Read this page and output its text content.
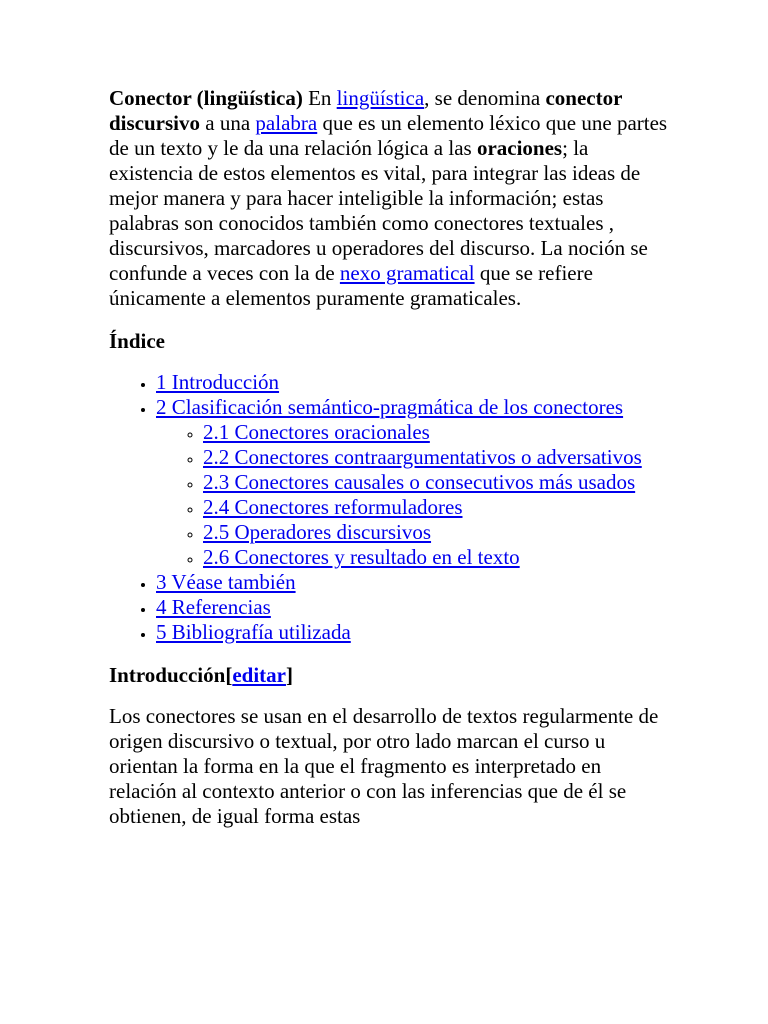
Conector (lingüística) En lingüística, se denomina conector discursivo a una palabra que es un elemento léxico que une partes de un texto y le da una relación lógica a las oraciones; la existencia de estos elementos es vital, para integrar las ideas de mejor manera y para hacer inteligible la información; estas palabras son conocidos también como conectores textuales , discursivos, marcadores u operadores del discurso. La noción se confunde a veces con la de nexo gramatical que se refiere únicamente a elementos puramente gramaticales.

Índice
• 1 Introducción
• 2 Clasificación semántico-pragmática de los conectores
◦ 2.1 Conectores oracionales
◦ 2.2 Conectores contraargumentativos o adversativos
◦ 2.3 Conectores causales o consecutivos más usados
◦ 2.4 Conectores reformuladores
◦ 2.5 Operadores discursivos
◦ 2.6 Conectores y resultado en el texto
• 3 Véase también
• 4 Referencias
• 5 Bibliografía utilizada
Introducción[editar]

Los conectores se usan en el desarrollo de textos regularmente de origen discursivo o textual, por otro lado marcan el curso u orientan la forma en la que el fragmento es interpretado en relación al contexto anterior o con las inferencias que de él se obtienen, de igual forma estas
